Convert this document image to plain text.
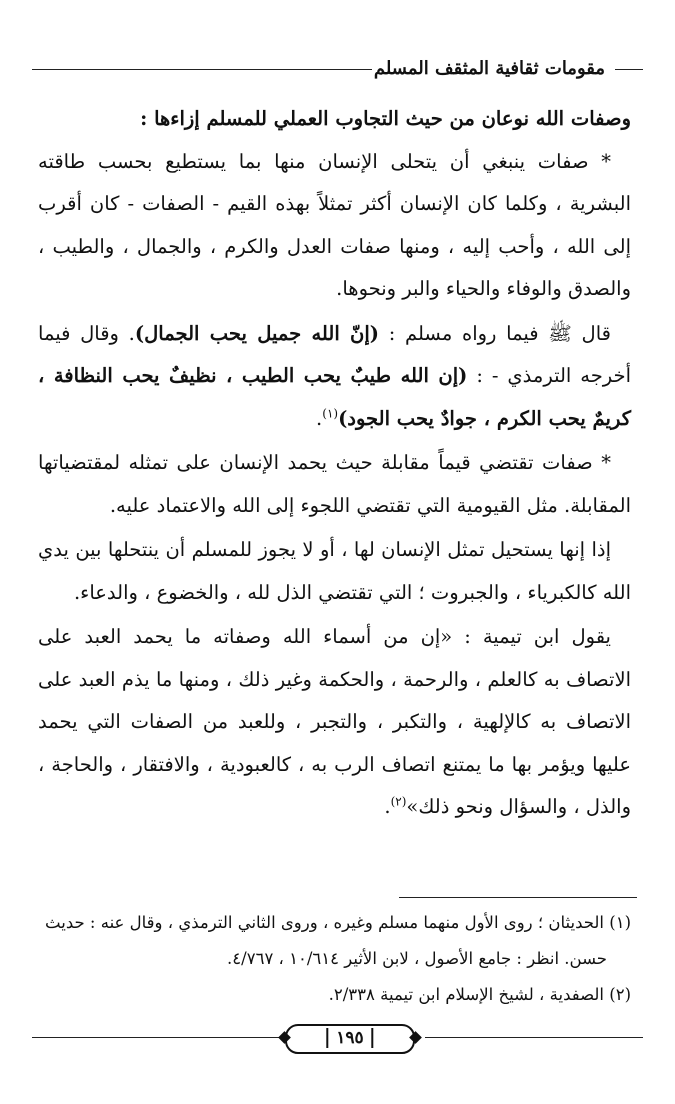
مقومات ثقافية المثقف المسلم

وصفات الله نوعان من حيث التجاوب العملي للمسلم إزاءها :

* صفات ينبغي أن يتحلى الإنسان منها بما يستطيع بحسب طاقته البشرية ، وكلما كان الإنسان أكثر تمثلاً بهذه القيم - الصفات - كان أقرب إلى الله ، وأحب إليه ، ومنها صفات العدل والكرم ، والجمال ، والطيب ، والصدق والوفاء والحياء والبر ونحوها.

قال ﷺ فيما رواه مسلم : (إنّ الله جميل يحب الجمال). وقال فيما أخرجه الترمذي - : (إن الله طيبٌ يحب الطيب ، نظيفٌ يحب النظافة ، كريمٌ يحب الكرم ، جوادٌ يحب الجود)$^{(١)}$.

* صفات تقتضي قيماً مقابلة حيث يحمد الإنسان على تمثله لمقتضياتها المقابلة. مثل القيومية التي تقتضي اللجوء إلى الله والاعتماد عليه.

إذا إنها يستحيل تمثل الإنسان لها ، أو لا يجوز للمسلم أن ينتحلها بين يدي الله كالكبرياء ، والجبروت ؛ التي تقتضي الذل لله ، والخضوع ، والدعاء.

يقول ابن تيمية : «إن من أسماء الله وصفاته ما يحمد العبد على الاتصاف به كالعلم ، والرحمة ، والحكمة وغير ذلك ، ومنها ما يذم العبد على الاتصاف به كالإلهية ، والتكبر ، والتجبر ، وللعبد من الصفات التي يحمد عليها ويؤمر بها ما يمتنع اتصاف الرب به ، كالعبودية ، والافتقار ، والحاجة ، والذل ، والسؤال ونحو ذلك»$^{(٢)}$.

(١) الحديثان ؛ روى الأول منهما مسلم وغيره ، وروى الثاني الترمذي ، وقال عنه : حديث

حسن. انظر : جامع الأصول ، لابن الأثير ١٠/٦١٤ ، ٤/٧٦٧.

(٢) الصفدية ، لشيخ الإسلام ابن تيمية ٢/٣٣٨.

١٩٥
